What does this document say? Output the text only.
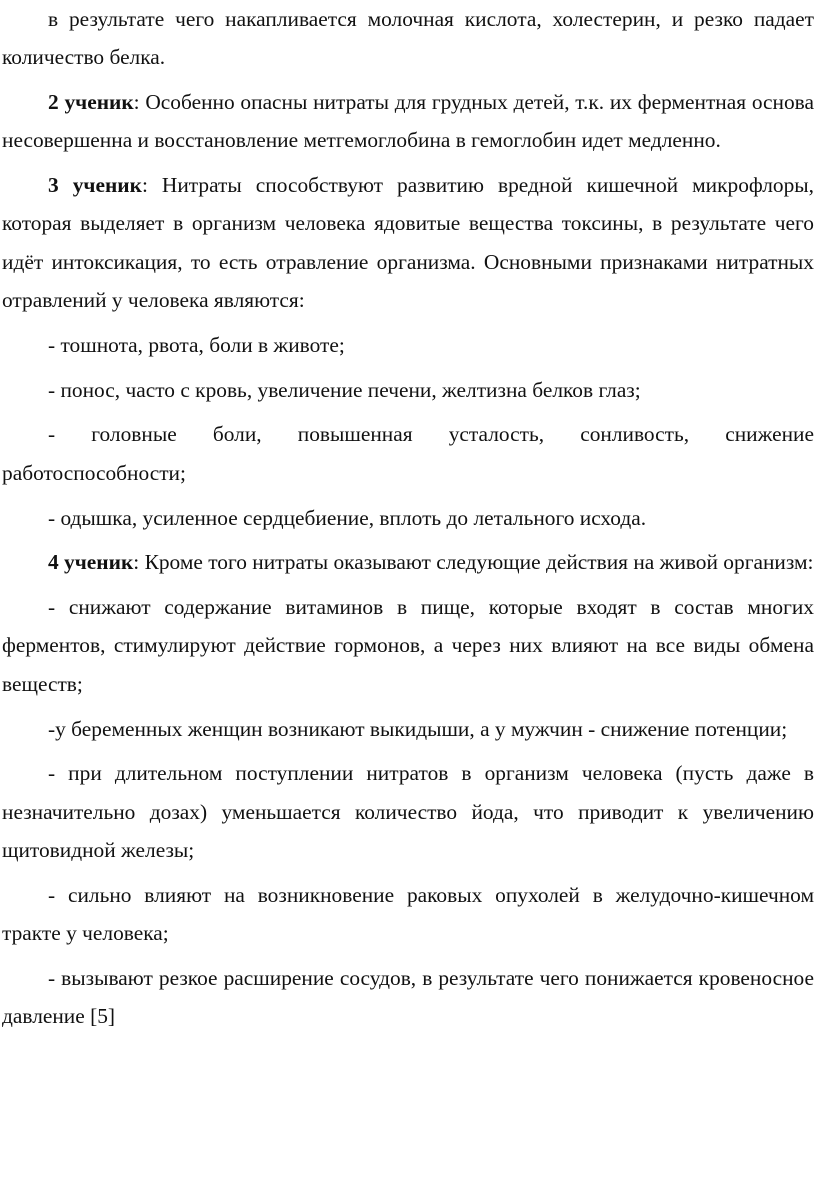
в результате чего накапливается молочная кислота, холестерин, и резко падает количество белка.

2 ученик: Особенно опасны нитраты для грудных детей, т.к. их ферментная основа несовершенна и восстановление метгемоглобина в гемоглобин идет медленно.

3 ученик: Нитраты способствуют развитию вредной кишечной микрофлоры, которая выделяет в организм человека ядовитые вещества токсины, в результате чего идёт интоксикация, то есть отравление организма. Основными признаками нитратных отравлений у человека являются:

- тошнота, рвота, боли в животе;

- понос, часто с кровь, увеличение печени, желтизна белков глаз;

- головные боли, повышенная усталость, сонливость, снижение работоспособности;

- одышка, усиленное сердцебиение, вплоть до летального исхода.

4 ученик: Кроме того нитраты оказывают следующие действия на живой организм:

- снижают содержание витаминов в пище, которые входят в состав многих ферментов, стимулируют действие гормонов, а через них влияют на все виды обмена веществ;

-у беременных женщин возникают выкидыши, а у мужчин - снижение потенции;

- при длительном поступлении нитратов в организм человека (пусть даже в незначительно дозах) уменьшается количество йода, что приводит к увеличению щитовидной железы;

- сильно влияют на возникновение раковых опухолей в желудочно-кишечном тракте у человека;

- вызывают резкое расширение сосудов, в результате чего понижается кровеносное давление [5]
